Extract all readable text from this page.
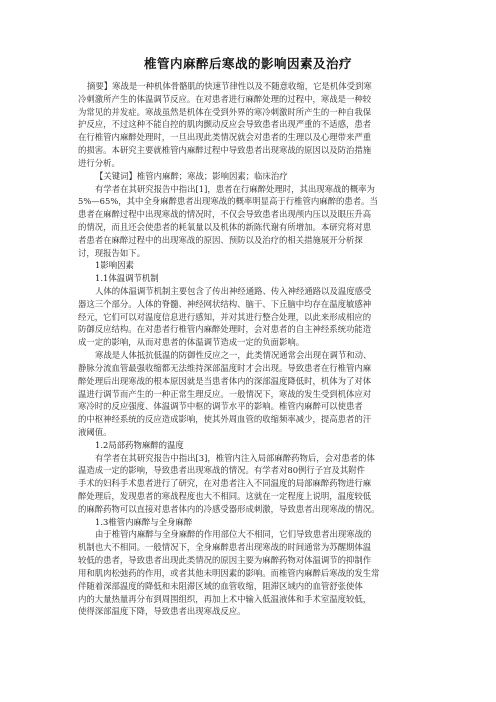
椎管内麻醉后寒战的影响因素及治疗
摘要】寒战是一种机体骨骼肌的快速节律性以及不随意收缩，它是机体受到寒
冷刺激所产生的体温调节反应。在对患者进行麻醉处理的过程中，寒战是一种较
为常见的并发症。寒战虽然是机体在受到外界的寒冷刺激时所产生的一种自我保
护反应，不过这种不能自控的肌肉颤动反应会导致患者出现严重的不适感，患者
在行椎管内麻醉处理时，一旦出现此类情况就会对患者的生理以及心理带来严重
的损害。本研究主要就椎管内麻醉过程中导致患者出现寒战的原因以及防治措施
进行分析。
【关键词】椎管内麻醉；寒战；影响因素；临床治疗
有学者在其研究报告中指出[1]，患者在行麻醉处理时，其出现寒战的概率为
5%—65%，其中全身麻醉患者出现寒战的概率明显高于行椎管内麻醉的患者。当
患者在麻醉过程中出现寒战的情况时，不仅会导致患者出现颅内压以及眼压升高
的情况，而且还会使患者的耗氧量以及机体的新陈代谢有所增加。本研究将对患
者患者在麻醉过程中的出现寒战的原因、预防以及治疗的相关措施展开分析探
讨，现报告如下。
1影响因素
1.1体温调节机制
人体的体温调节机制主要包含了传出神经通路、传入神经通路以及温度感受
器这三个部分。人体的脊髓、神经网状结构、脑干、下丘脑中均存在温度敏感神
经元，它们可以对温度信息进行感知，并对其进行整合处理，以此来形成相应的
防御反应结构。在对患者行椎管内麻醉处理时，会对患者的自主神经系统功能造
成一定的影响，从而对患者的体温调节造成一定的负面影响。
寒战是人体抵抗低温的防御性反应之一，此类情况通常会出现在调节和动、
静脉分流血管最强收缩都无法维持深部温度时才会出现。导致患者在行椎管内麻
醉处理后出现寒战的根本原因就是当患者体内的深部温度降低时，机体为了对体
温进行调节而产生的一种正常生理反应。一般情况下，寒战的发生受到机体应对
寒冷时的反应强度、体温调节中枢的调节水平的影响。椎管内麻醉可以使患者
的中枢神经系统的反应造成影响，使其外周血管的收缩频率减少，提高患者的汗
液阈值。
1.2局部药物麻醉的温度
有学者在其研究报告中指出[3]，椎管内注入局部麻醉药物后，会对患者的体
温造成一定的影响，导致患者出现寒战的情况。有学者对80例行子宫及其附件
手术的妇科手术患者进行了研究，在对患者注入不同温度的局部麻醉药物进行麻
醉处理后，发现患者的寒战程度也大不相同。这就在一定程度上说明，温度较低
的麻醉药物可以直接对患者体内的冷感受器形成刺激，导致患者出现寒战的情况。
1.3椎管内麻醉与全身麻醉
由于椎管内麻醉与全身麻醉的作用部位大不相同，它们导致患者出现寒战的
机制也大不相同。一般情况下，全身麻醉患者出现寒战的时间通常为苏醒期体温
较低的患者，导致患者出现此类情况的原因主要为麻醉药物对体温调节的抑制作
用和肌肉松弛药的作用，或者其他未明因素的影响。而椎管内麻醉后寒战的发生常
伴随着深部温度的降低和未阻滞区域的血管收缩，阻滞区域内的血管舒张使体
内的大量热量再分布到周围组织，再加上术中输入低温液体和手术室温度较低，
使得深部温度下降，导致患者出现寒战反应。
